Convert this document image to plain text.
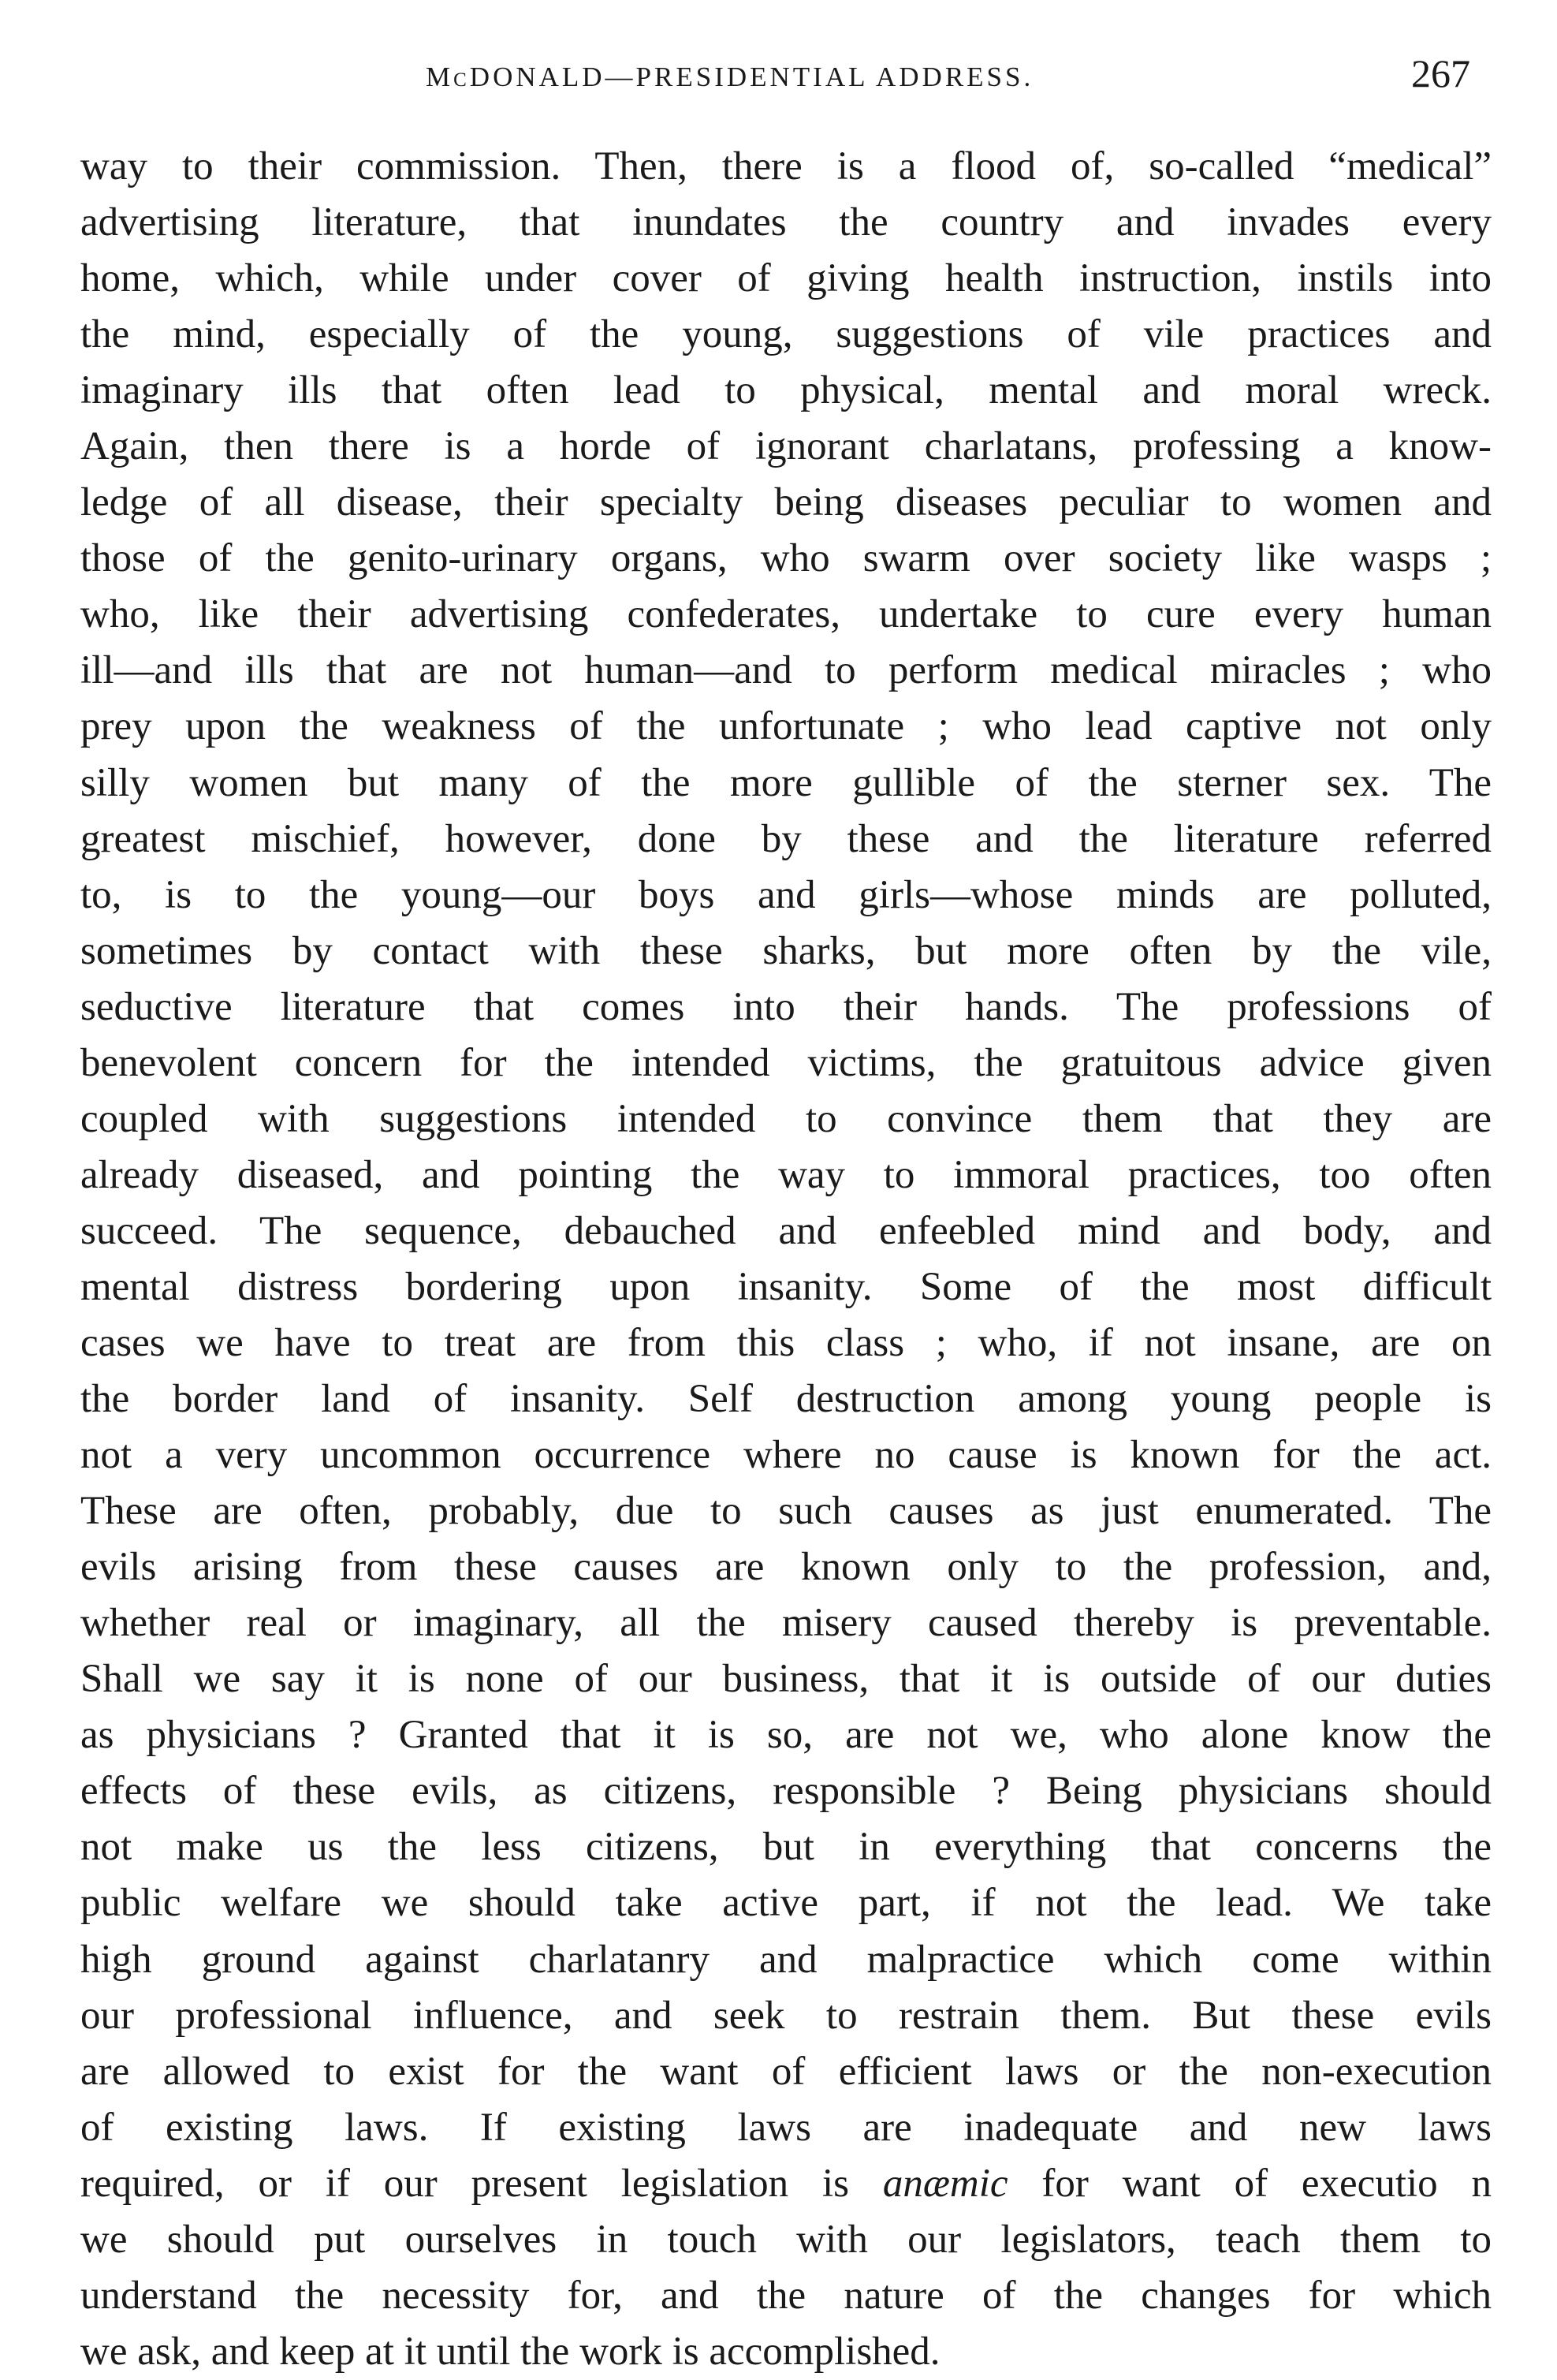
McDONALD—PRESIDENTIAL ADDRESS.	267
way to their commission. Then, there is a flood of, so-called “medical”
advertising literature, that inundates the country and invades every
home, which, while under cover of giving health instruction, instils into
the mind, especially of the young, suggestions of vile practices and
imaginary ills that often lead to physical, mental and moral wreck.
Again, then there is a horde of ignorant charlatans, professing a know-
ledge of all disease, their specialty being diseases peculiar to women and
those of the genito-urinary organs, who swarm over society like wasps ;
who, like their advertising confederates, undertake to cure every human
ill—and ills that are not human—and to perform medical miracles ; who
prey upon the weakness of the unfortunate ; who lead captive not only
silly women but many of the more gullible of the sterner sex. The
greatest mischief, however, done by these and the literature referred
to, is to the young—our boys and girls—whose minds are polluted,
sometimes by contact with these sharks, but more often by the vile,
seductive literature that comes into their hands. The professions of
benevolent concern for the intended victims, the gratuitous advice given
coupled with suggestions intended to convince them that they are
already diseased, and pointing the way to immoral practices, too often
succeed. The sequence, debauched and enfeebled mind and body, and
mental distress bordering upon insanity. Some of the most difficult
cases we have to treat are from this class ; who, if not insane, are on
the border land of insanity. Self destruction among young people is
not a very uncommon occurrence where no cause is known for the act.
These are often, probably, due to such causes as just enumerated. The
evils arising from these causes are known only to the profession, and,
whether real or imaginary, all the misery caused thereby is preventable.
Shall we say it is none of our business, that it is outside of our duties
as physicians ? Granted that it is so, are not we, who alone know the
effects of these evils, as citizens, responsible ? Being physicians should
not make us the less citizens, but in everything that concerns the
public welfare we should take active part, if not the lead. We take
high ground against charlatanry and malpractice which come within
our professional influence, and seek to restrain them. But these evils
are allowed to exist for the want of efficient laws or the non-execution
of existing laws. If existing laws are inadequate and new laws
required, or if our present legislation is anæmic for want of executio n
we should put ourselves in touch with our legislators, teach them to
understand the necessity for, and the nature of the changes for which
we ask, and keep at it until the work is accomplished.
